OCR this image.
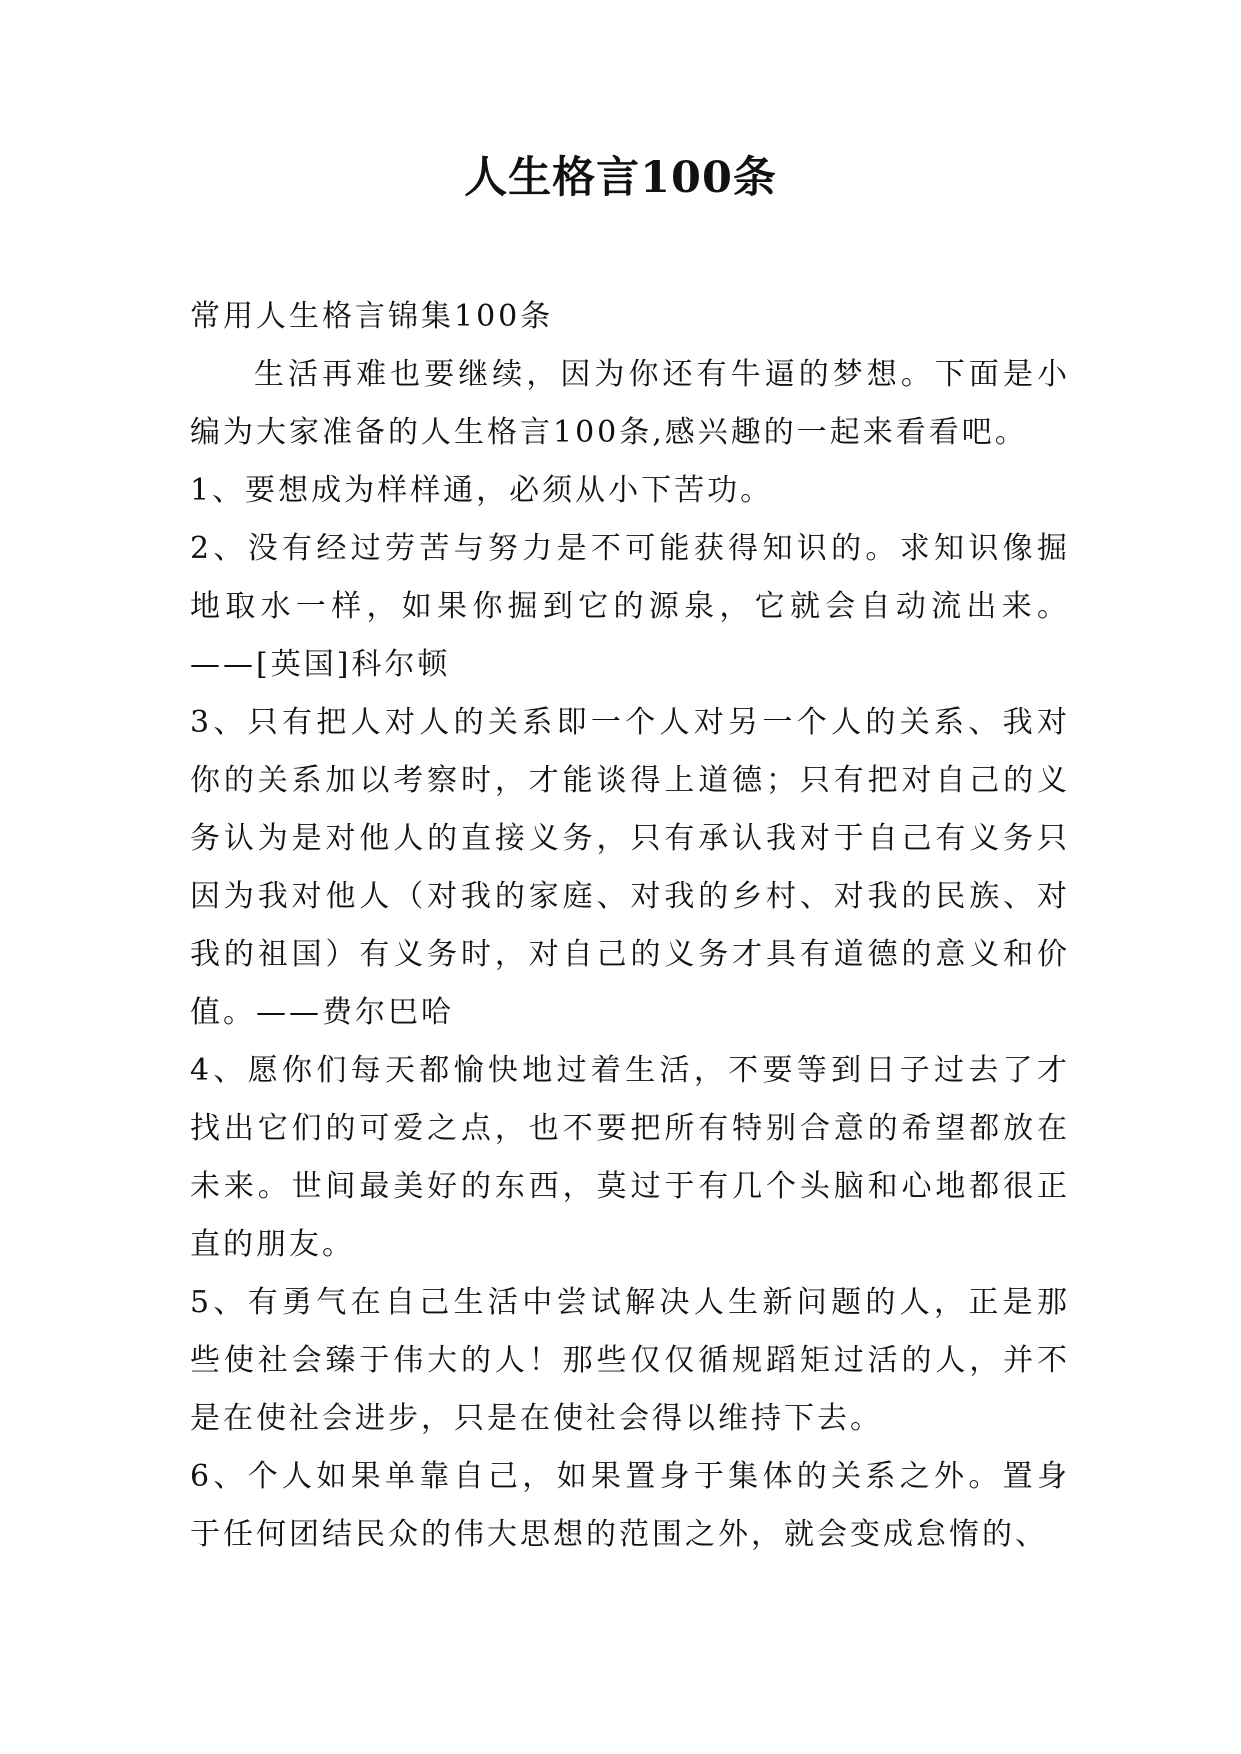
人生格言100条

常用人生格言锦集100条

生活再难也要继续，因为你还有牛逼的梦想。下面是小编为大家准备的人生格言100条,感兴趣的一起来看看吧。

1、要想成为样样通，必须从小下苦功。

2、没有经过劳苦与努力是不可能获得知识的。求知识像掘地取水一样，如果你掘到它的源泉，它就会自动流出来。——[英国]科尔顿

3、只有把人对人的关系即一个人对另一个人的关系、我对你的关系加以考察时，才能谈得上道德；只有把对自己的义务认为是对他人的直接义务，只有承认我对于自己有义务只因为我对他人（对我的家庭、对我的乡村、对我的民族、对我的祖国）有义务时，对自己的义务才具有道德的意义和价值。——费尔巴哈

4、愿你们每天都愉快地过着生活，不要等到日子过去了才找出它们的可爱之点，也不要把所有特别合意的希望都放在未来。世间最美好的东西，莫过于有几个头脑和心地都很正直的朋友。

5、有勇气在自己生活中尝试解决人生新问题的人，正是那些使社会臻于伟大的人！那些仅仅循规蹈矩过活的人，并不是在使社会进步，只是在使社会得以维持下去。

6、个人如果单靠自己，如果置身于集体的关系之外。置身于任何团结民众的伟大思想的范围之外，就会变成怠惰的、
